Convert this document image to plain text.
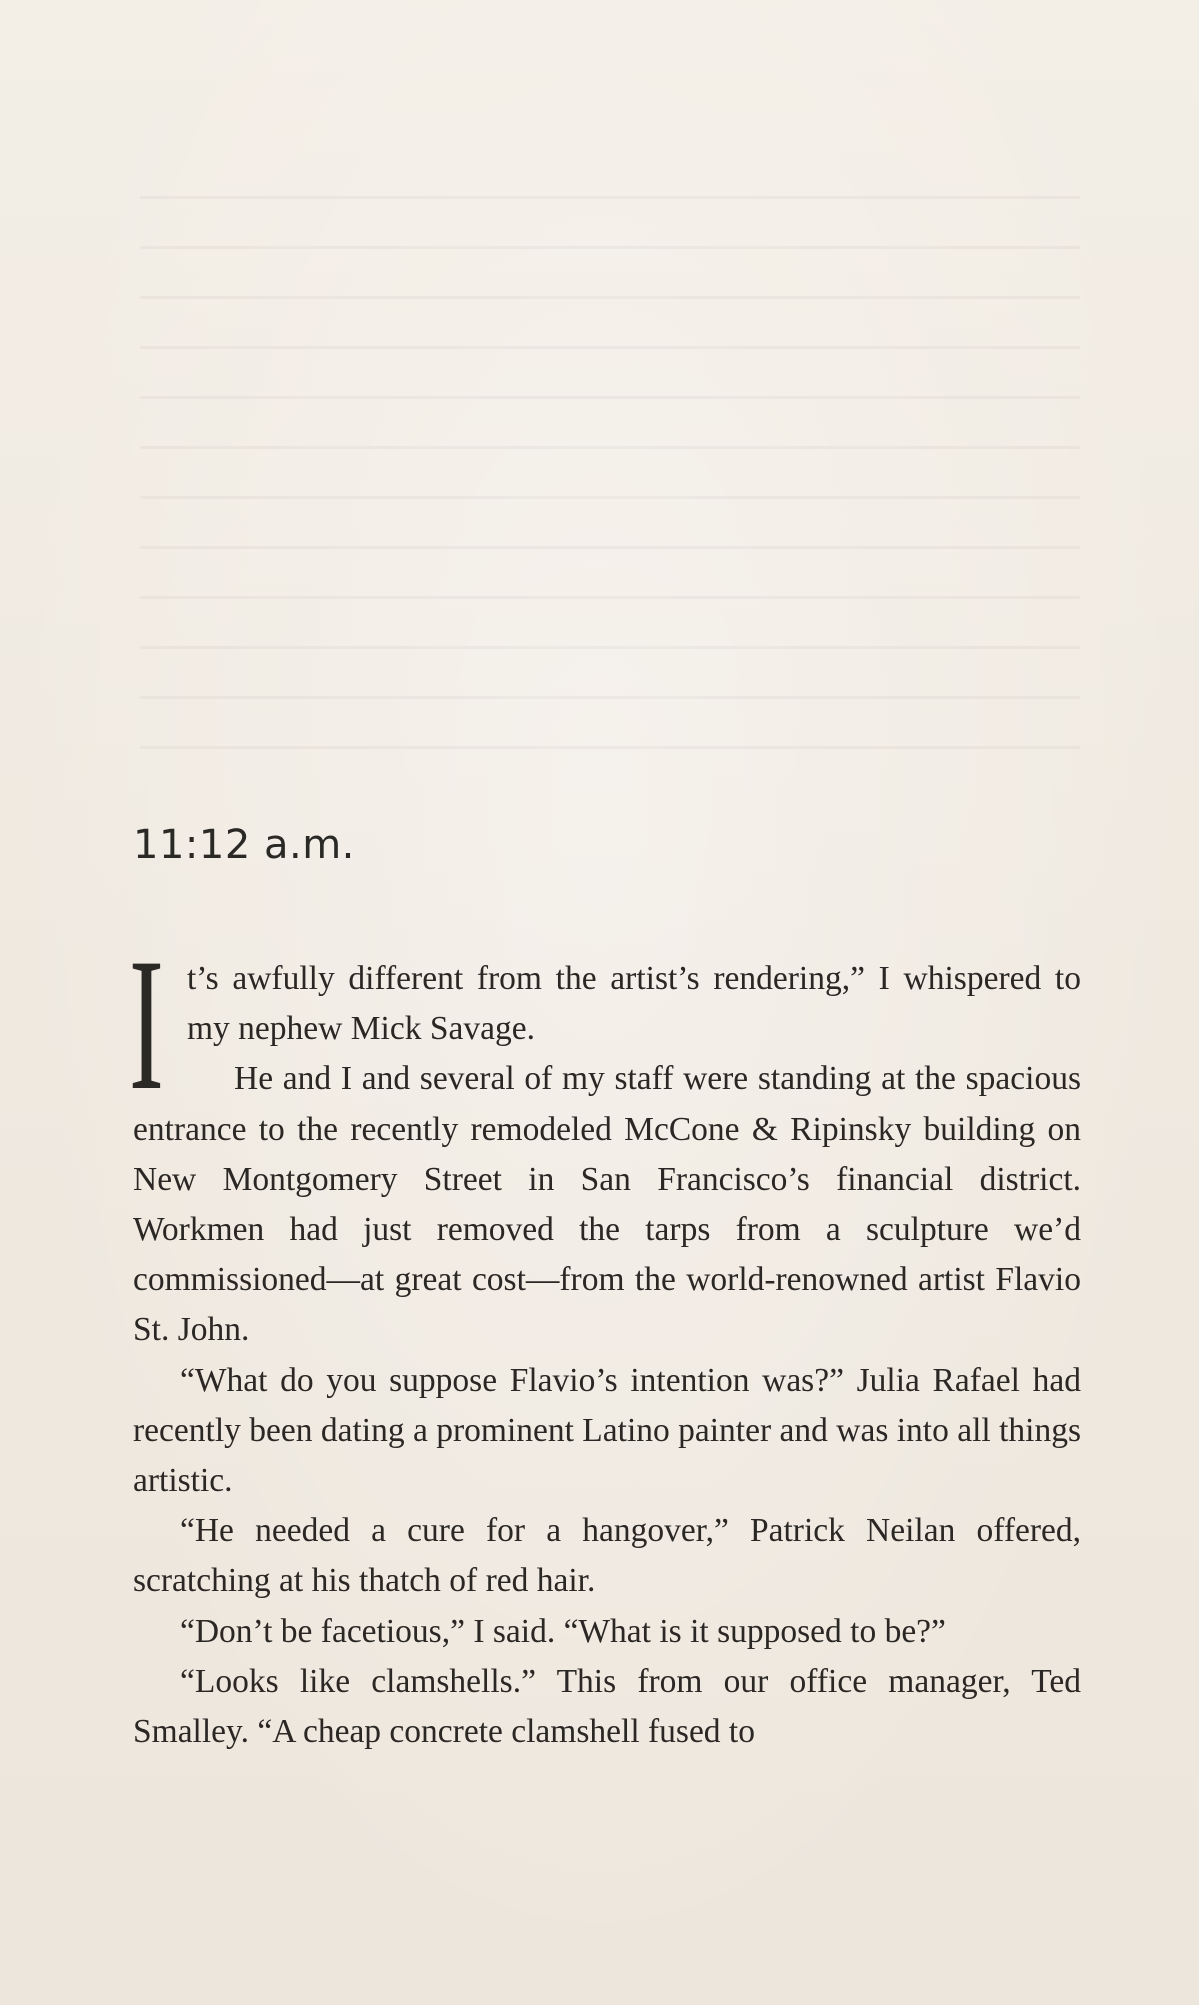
11:12 a.m.

It’s awfully different from the artist’s rendering,” I whispered to my nephew Mick Savage.

He and I and several of my staff were standing at the spacious entrance to the recently remodeled McCone & Ripinsky building on New Montgomery Street in San Francisco’s financial district. Workmen had just removed the tarps from a sculpture we’d commissioned—at great cost—from the world-renowned artist Flavio St. John.

“What do you suppose Flavio’s intention was?” Julia Rafael had recently been dating a prominent Latino painter and was into all things artistic.

“He needed a cure for a hangover,” Patrick Neilan offered, scratching at his thatch of red hair.

“Don’t be facetious,” I said. “What is it supposed to be?”

“Looks like clamshells.” This from our office manager, Ted Smalley. “A cheap concrete clamshell fused to
